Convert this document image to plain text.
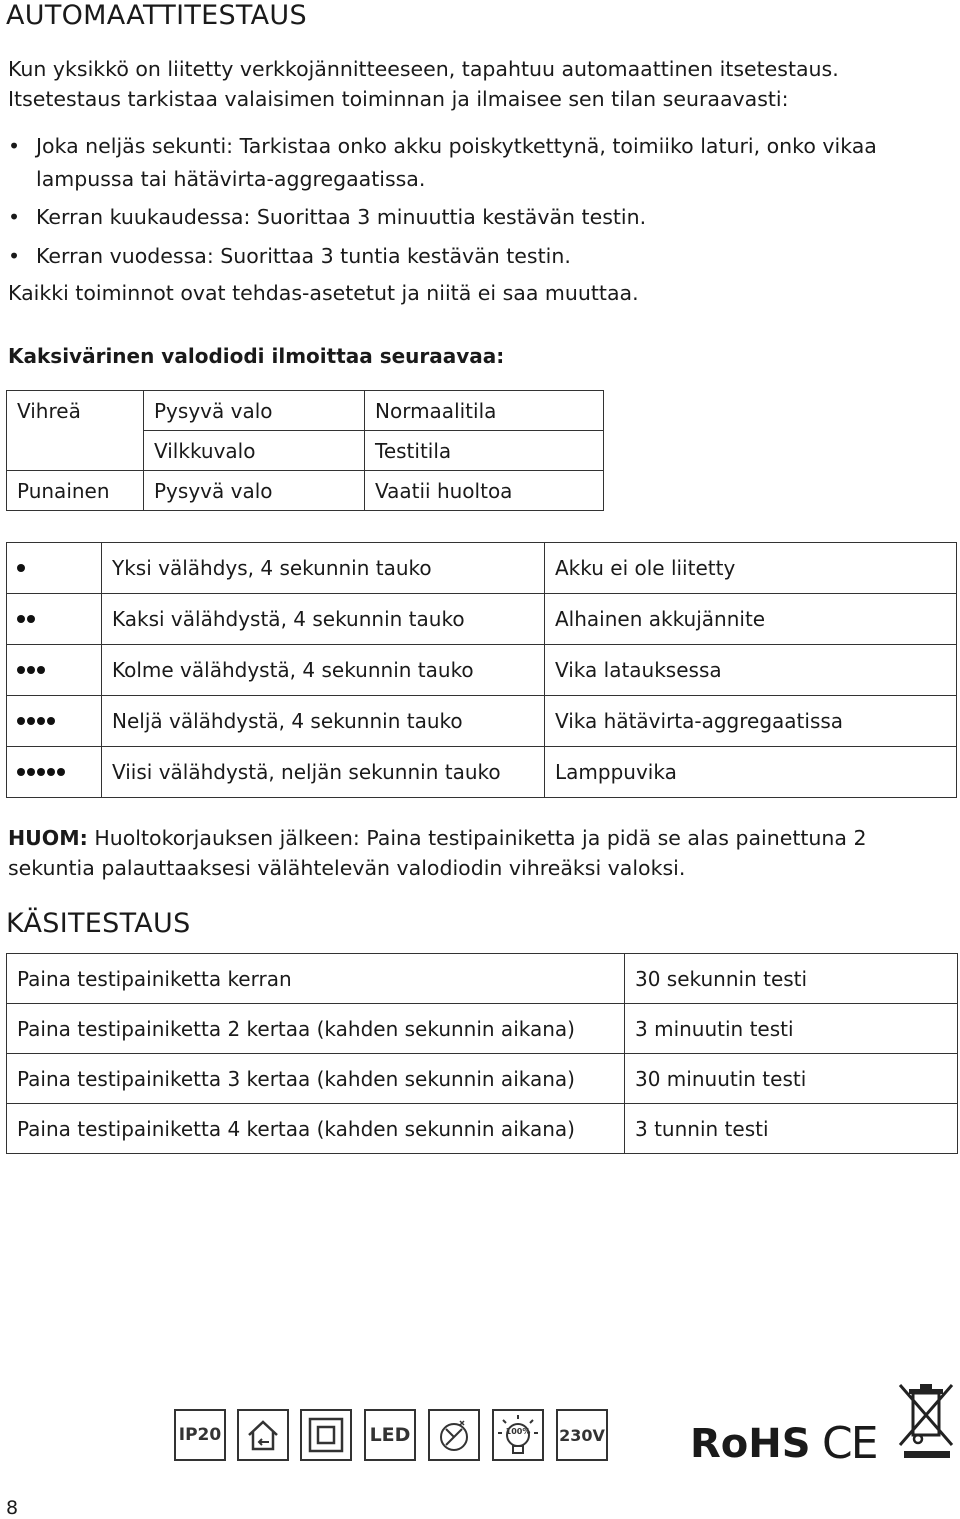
AUTOMAATTITESTAUS
Kun yksikkö on liitetty verkkojännitteeseen, tapahtuu automaattinen itsetestaus.
Itsetestaus tarkistaa valaisimen toiminnan ja ilmaisee sen tilan seuraavasti:
• Joka neljäs sekunti: Tarkistaa onko akku poiskytkettynä, toimiiko laturi, onko vikaa
lampussa tai hätävirta-aggregaatissa.
• Kerran kuukaudessa: Suorittaa 3 minuuttia kestävän testin.
• Kerran vuodessa: Suorittaa 3 tuntia kestävän testin.
Kaikki toiminnot ovat tehdas-asetetut ja niitä ei saa muuttaa.
Kaksivärinen valodiodi ilmoittaa seuraavaa:
Vihreä	Pysyvä valo	Normaalitila
	Vilkkuvalo	Testitila
Punainen	Pysyvä valo	Vaatii huoltoa
	Yksi välähdys, 4 sekunnin tauko	Akku ei ole liitetty

	Kaksi välähdystä, 4 sekunnin tauko	Alhainen akkujännite

	Kolme välähdystä, 4 sekunnin tauko	Vika latauksessa

	Neljä välähdystä, 4 sekunnin tauko	Vika hätävirta-aggregaatissa

	Viisi välähdystä, neljän sekunnin tauko	Lamppuvika
HUOM: Huoltokorjauksen jälkeen: Paina testipainiketta ja pidä se alas painettuna 2
sekuntia palauttaaksesi välähtelevän valodiodin vihreäksi valoksi.
KÄSITESTAUS
Paina testipainiketta kerran	30 sekunnin testi
Paina testipainiketta 2 kertaa (kahden sekunnin aikana)	3 minuutin testi
Paina testipainiketta 3 kertaa (kahden sekunnin aikana)	30 minuutin testi
Paina testipainiketta 4 kertaa (kahden sekunnin aikana)	3 tunnin testi
IP20	LED	100%	230V RoHS CE
8
